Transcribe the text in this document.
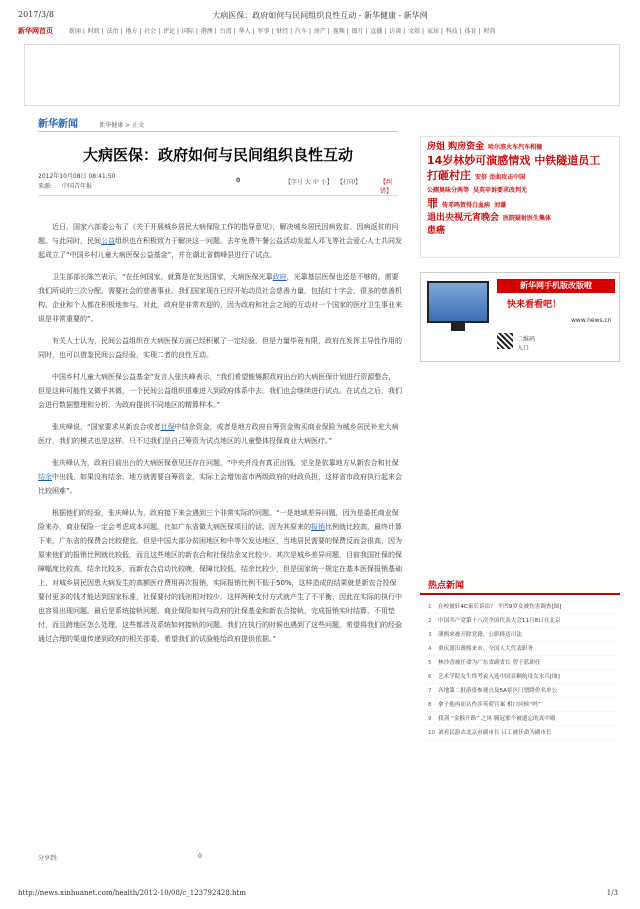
2017/3/8	大病医保：政府如何与民间组织良性互动 - 新华健康 - 新华网
新华网首页	新闻 | 时政 | 法治 | 地方 | 社会 | 评论 | 国际 | 港澳 | 台湾 | 华人 | 军事 | 财经 | 汽车 | 房产 | 视频 | 图片 | 直播 | 访谈 | 文娱 | 家居 | 科技 | 体育 | 时尚
新华新闻	新华健康 > 正文
大病医保：政府如何与民间组织良性互动
2012年10月08日 08:41:50
来源: 中国青年报
0	【字号 大 中 小】 【打印】	【纠错】

近日，国家六部委公布了《关于开展城乡居民大病保险工作的指导意见》，解决城乡居民因病致贫、因病返贫的问题。与此同时，民间公益组织也在积极致力于解决这一问题。去年免费午餐公益活动发起人邓飞等社会爱心人士共同发起成立了“中国乡村儿童大病医保公益基金”，并在湖北省鹤峰县进行了试点。

卫生部部长陈竺表示，“在任何国家，就算是在发达国家，大病医保光靠政府，光靠基层医保也还是不够的，需要我们所说的三次分配，需要社会的慈善事业。我们国家现在已经开始动员社会慈善力量，包括红十字会，很多的慈善机构、企业和个人都在积极地参与。对此，政府是非常欢迎的，因为政府和社会之间的互动对一个国家的医疗卫生事业来说是非常重要的”。

有关人士认为，民间公益组织在大病医保方面已经积累了一定经验，但是力量毕竟有限，政府在发挥主导性作用的同时，也可以借鉴民间公益经验，实现二者的良性互动。

中国乡村儿童大病医保公益基金”发言人张庆峰表示，“我们希望能够跟政府出台的大病医保计划进行资源整合，但是这种可能性又微乎其微，一个民间公益组织很难进入到政府体系中去。我们也会继续进行试点。在试点之后，我们会进行数据整理和分析，为政府提供不同地区的精算样本。”

张庆峰说，“国家要求从新农合或者社保中结余资金，或者是地方政府自筹资金购买商业保险为城乡居民补充大病医疗，我们的模式也是这样，只不过我们是自己筹资为试点地区的儿童整体投保商业大病医疗。”

张庆峰认为，政府目前出台的大病医保意见还存在问题，“中央并没有真正出钱，完全是依靠地方从新农合和社保结余中出钱，如果没有结余，地方就需要自筹资金，实际上会增加省市两级政府的财政负担，这样省市政府执行起来会比较困难”。

根据他们的经验，张庆峰认为，政府接下来会遇到三个非常实际的问题。“一是地域差异问题，因为是委托商业保险来办，商业保险一定会考虑成本问题。比如广东省做大病医保项目的话，因为其原来的报销比例就比较高，最终计算下来，广东省的保费会比较便宜。但是中国大部分贫困地区和中等欠发达地区，当地居民需要的保费反而会很高，因为原来他们的报销比例就比较低，而且这些地区的新农合和社保结余又比较少。其次是城乡差异问题，目前我国社保的保障幅度比较高，结余比较多，而新农合启动比较晚，保障比较低，结余比较少，但是国家统一规定在基本医保报销基础上，对城乡居民因患大病发生的高额医疗费用再次报销，实际报销比例不低于50%，这样造成的结果就是新农合投保要付更多的钱才能达到国家标准，社保要付的钱则相对较少。这样两种支付方式就产生了不平衡，因此在实际的执行中也容易出现问题。最后是系统接轨问题，商业保险如何与政府的社保基金和新农合接轨，完成报销实时结算，不用垫付，而且跨地区怎么处理，这些都涉及系统如何接轨的问题。我们在执行的时候也遇到了这些问题，希望将我们的经验通过合理的渠道传递到政府的相关部委，希望我们的试验能给政府提供依据。”

分享到:	0
房姐 购房资金 哈尔滨火车汽车相撞
14岁林妙可演感情戏 中铁隧道员工
打砸村庄 安倍 歪曲攻击中国
公厕臭味分两等 吴英申诉要求改判无
罪 传邓鸣贺得白血病 刘谦
退出央视元宵晚会 医院疑射医生集体
患癌
新华网手机版改版啦
快来看看吧！
www.news.cn
二维码
入口
热点新闻
1 在校被奸4C家长诉讼？ 平凹9岁女被伤害调查[图]
2 中国共产党第十八次全国代表大会11月8日在北京
3 薄熙来被开除党籍、公职移送司法
4 重庆派出薄熙来市、全国人大代表职务
5 林沙香被任命为广东省副省长 曾于蓝卸任
6 艺术学院女生终考袁入选中国首颗航母女水兵[图]
7 各地第二批游资参观点及5A景区门票降价名单公
8 拿子他再而认作涉英荷官案 相口问候“妈”
9 我剑 “金猴开路” 之风 腾冠那个被遗忘的真中殿
10 刘看民游去北京市副市长 吕工被任命为副市长
http://news.xinhuanet.com/health/2012-10/08/c_123792428.htm	1/3
